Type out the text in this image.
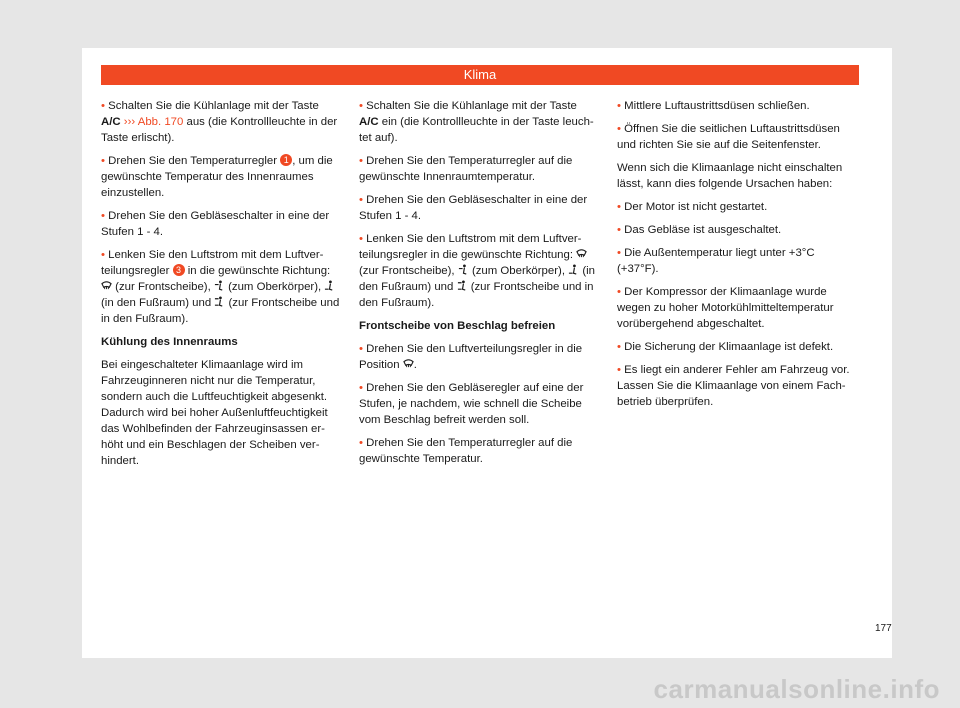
Klima

• Schalten Sie die Kühlanlage mit der Taste A/C ››› Abb. 170 aus (die Kontrollleuchte in der Taste erlischt).

• Drehen Sie den Temperaturregler 1 , um die gewünschte Temperatur des Innenraumes einzustellen.

• Drehen Sie den Gebläseschalter in eine der Stufen 1 - 4.

• Lenken Sie den Luftstrom mit dem Luftverteilungsregler 3 in die gewünschte Richtung:
(zur Frontscheibe), (zum Oberkörper),
(in den Fußraum) und (zur Frontscheibe und in den Fußraum).

Kühlung des Innenraums

Bei eingeschalteter Klimaanlage wird im Fahrzeuginneren nicht nur die Temperatur, sondern auch die Luftfeuchtigkeit abgesenkt. Dadurch wird bei hoher Außenluftfeuchtigkeit das Wohlbefinden der Fahrzeuginsassen erhöht und ein Beschlagen der Scheiben verhindert.

• Schalten Sie die Kühlanlage mit der Taste A/C ein (die Kontrollleuchte in der Taste leuchtet auf).

• Drehen Sie den Temperaturregler auf die gewünschte Innenraumtemperatur.

• Drehen Sie den Gebläseschalter in eine der Stufen 1 - 4.

• Lenken Sie den Luftstrom mit dem Luftverteilungsregler in die gewünschte Richtung:
(zur Frontscheibe), (zum Oberkörper), (in den Fußraum) und (zur Frontscheibe und in den Fußraum).

Frontscheibe von Beschlag befreien

• Drehen Sie den Luftverteilungsregler in die Position .

• Drehen Sie den Gebläseregler auf eine der Stufen, je nachdem, wie schnell die Scheibe vom Beschlag befreit werden soll.

• Drehen Sie den Temperaturregler auf die gewünschte Temperatur.

• Mittlere Luftaustrittsdüsen schließen.

• Öffnen Sie die seitlichen Luftaustrittsdüsen und richten Sie sie auf die Seitenfenster.

Wenn sich die Klimaanlage nicht einschalten lässt, kann dies folgende Ursachen haben:

• Der Motor ist nicht gestartet.

• Das Gebläse ist ausgeschaltet.

• Die Außentemperatur liegt unter +3°C (+37°F).

• Der Kompressor der Klimaanlage wurde wegen zu hoher Motorkühlmitteltemperatur vorübergehend abgeschaltet.

• Die Sicherung der Klimaanlage ist defekt.

• Es liegt ein anderer Fehler am Fahrzeug vor. Lassen Sie die Klimaanlage von einem Fachbetrieb überprüfen.

177
carmanualsonline.info
